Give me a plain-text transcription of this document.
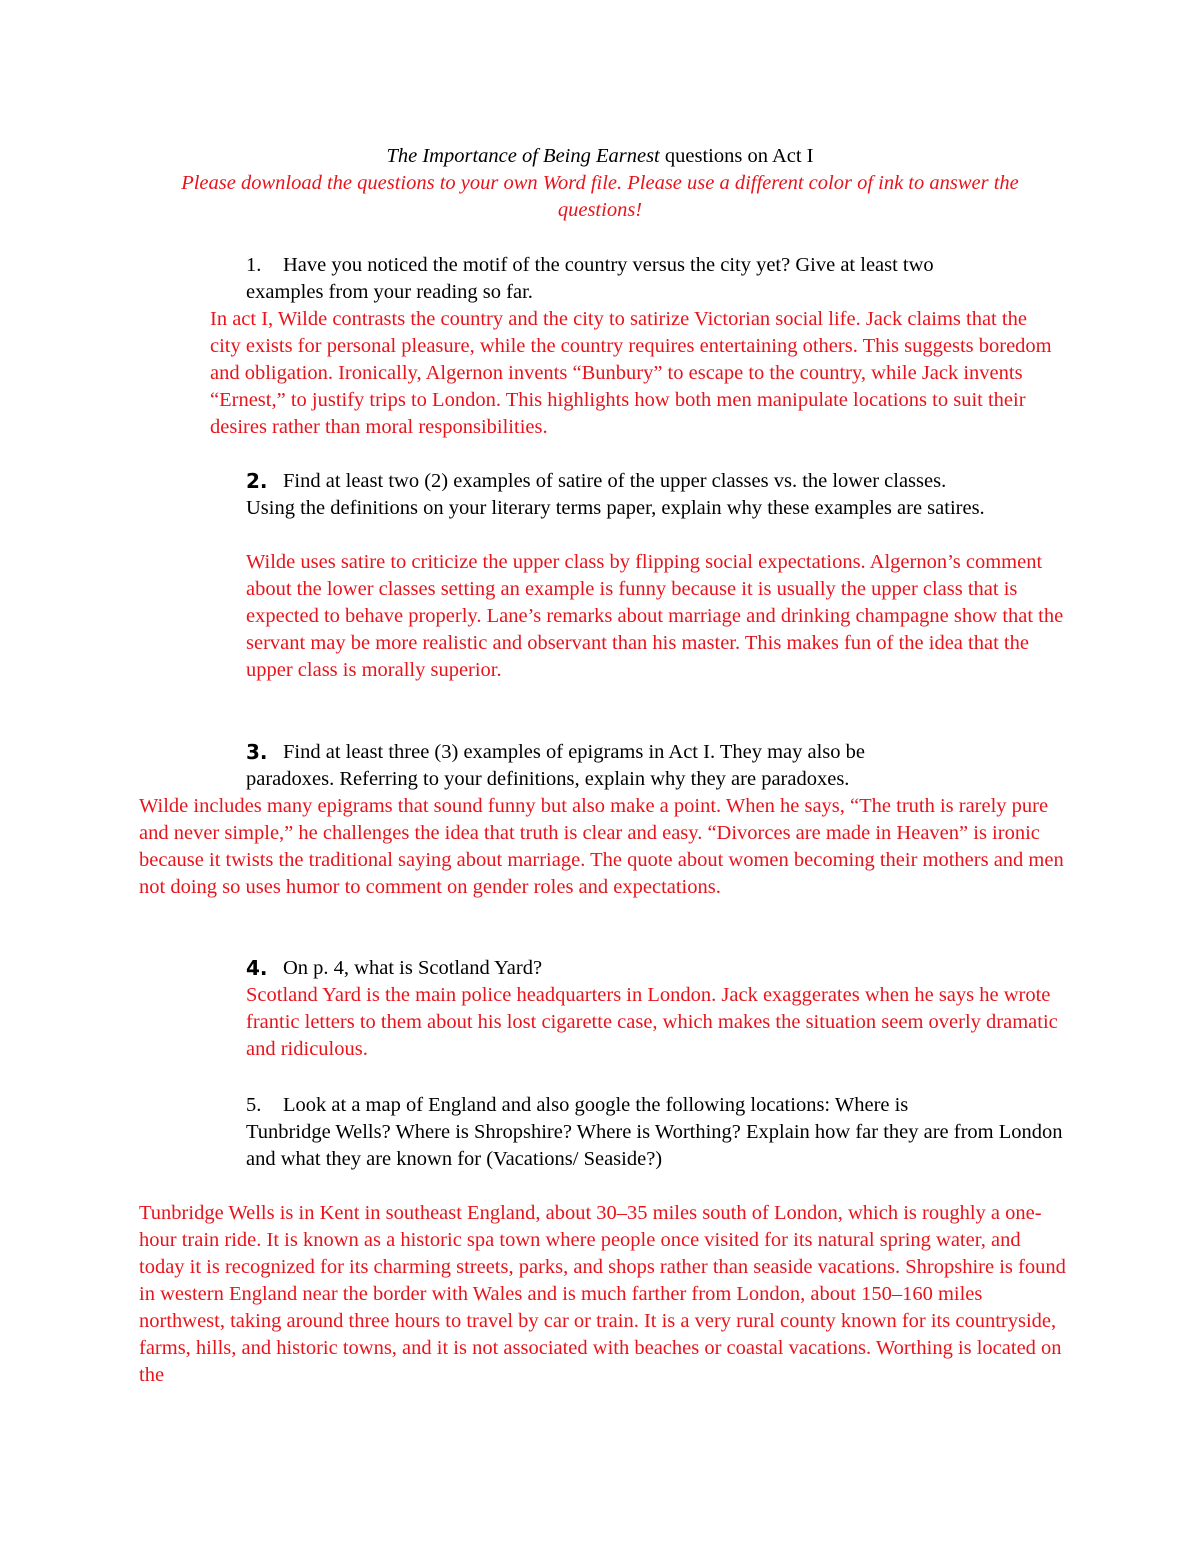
The Importance of Being Earnest questions on Act I

Please download the questions to your own Word file. Please use a different color of ink to answer the questions!

1. Have you noticed the motif of the country versus the city yet? Give at least two

examples from your reading so far.

In act I, Wilde contrasts the country and the city to satirize Victorian social life. Jack claims that the city exists for personal pleasure, while the country requires entertaining others. This suggests boredom and obligation. Ironically, Algernon invents “Bunbury” to escape to the country, while Jack invents “Ernest,” to justify trips to London. This highlights how both men manipulate locations to suit their desires rather than moral responsibilities.

2. Find at least two (2) examples of satire of the upper classes vs. the lower classes.

Using the definitions on your literary terms paper, explain why these examples are satires.

Wilde uses satire to criticize the upper class by flipping social expectations. Algernon’s comment about the lower classes setting an example is funny because it is usually the upper class that is expected to behave properly. Lane’s remarks about marriage and drinking champagne show that the servant may be more realistic and observant than his master. This makes fun of the idea that the upper class is morally superior.

3. Find at least three (3) examples of epigrams in Act I. They may also be

paradoxes. Referring to your definitions, explain why they are paradoxes.

Wilde includes many epigrams that sound funny but also make a point. When he says, “The truth is rarely pure and never simple,” he challenges the idea that truth is clear and easy. “Divorces are made in Heaven” is ironic because it twists the traditional saying about marriage. The quote about women becoming their mothers and men not doing so uses humor to comment on gender roles and expectations.

4. On p. 4, what is Scotland Yard?

Scotland Yard is the main police headquarters in London. Jack exaggerates when he says he wrote frantic letters to them about his lost cigarette case, which makes the situation seem overly dramatic and ridiculous.

5. Look at a map of England and also google the following locations: Where is

Tunbridge Wells? Where is Shropshire? Where is Worthing? Explain how far they are from London and what they are known for (Vacations/ Seaside?)

Tunbridge Wells is in Kent in southeast England, about 30–35 miles south of London, which is roughly a one-hour train ride. It is known as a historic spa town where people once visited for its natural spring water, and today it is recognized for its charming streets, parks, and shops rather than seaside vacations. Shropshire is found in western England near the border with Wales and is much farther from London, about 150–160 miles northwest, taking around three hours to travel by car or train. It is a very rural county known for its countryside, farms, hills, and historic towns, and it is not associated with beaches or coastal vacations. Worthing is located on the
